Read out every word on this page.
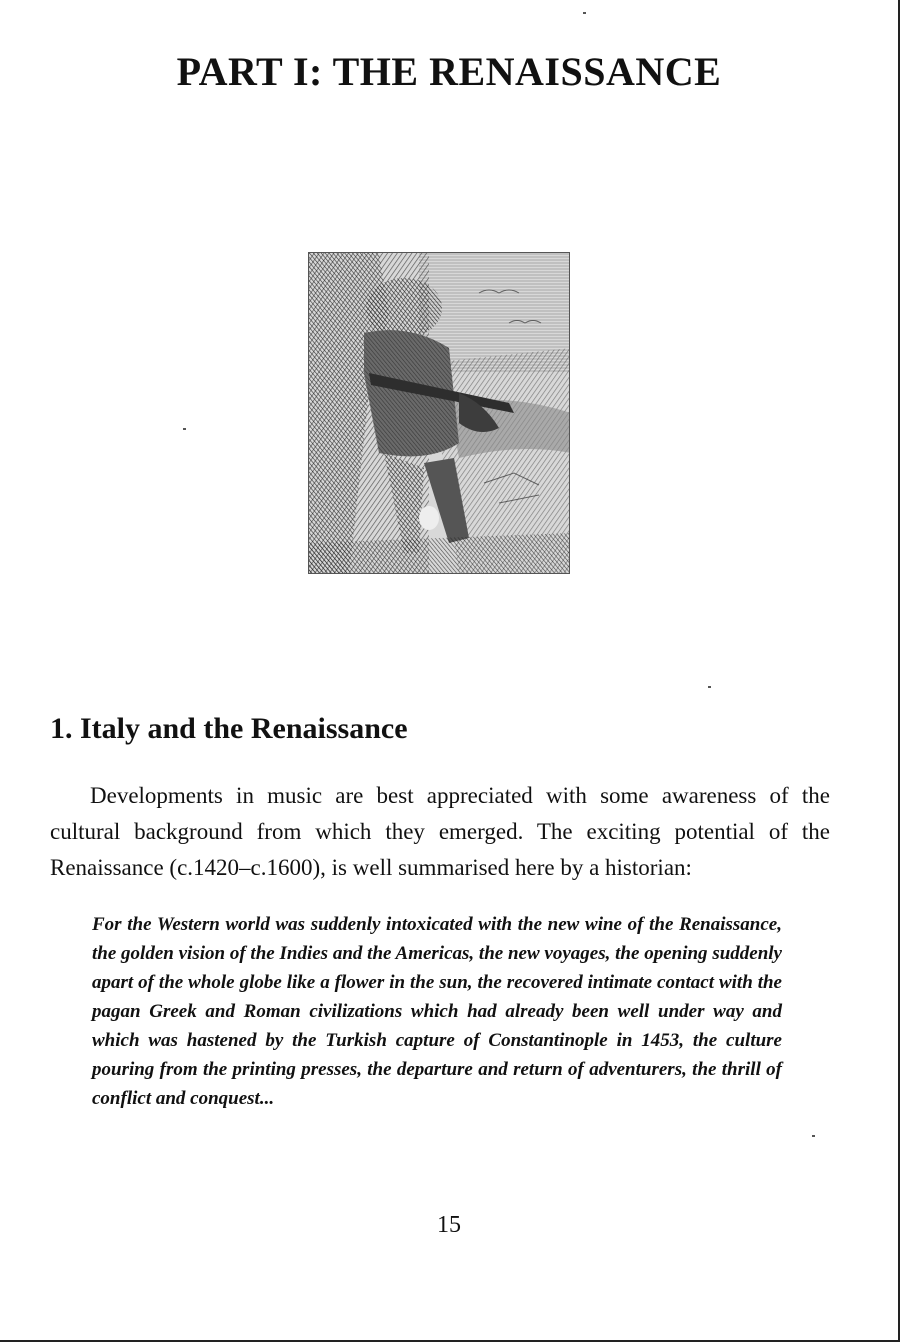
PART I: THE RENAISSANCE
1. Italy and the Renaissance
Developments in music are best appreciated with some awareness of the cultural background from which they emerged. The exciting potential of the Renaissance (c.1420–c.1600), is well summarised here by a historian:
For the Western world was suddenly intoxicated with the new wine of the Renaissance, the golden vision of the Indies and the Americas, the new voyages, the opening suddenly apart of the whole globe like a flower in the sun, the recovered intimate contact with the pagan Greek and Roman civilizations which had already been well under way and which was hastened by the Turkish capture of Constantinople in 1453, the culture pouring from the printing presses, the departure and return of adventurers, the thrill of conflict and conquest...
15
